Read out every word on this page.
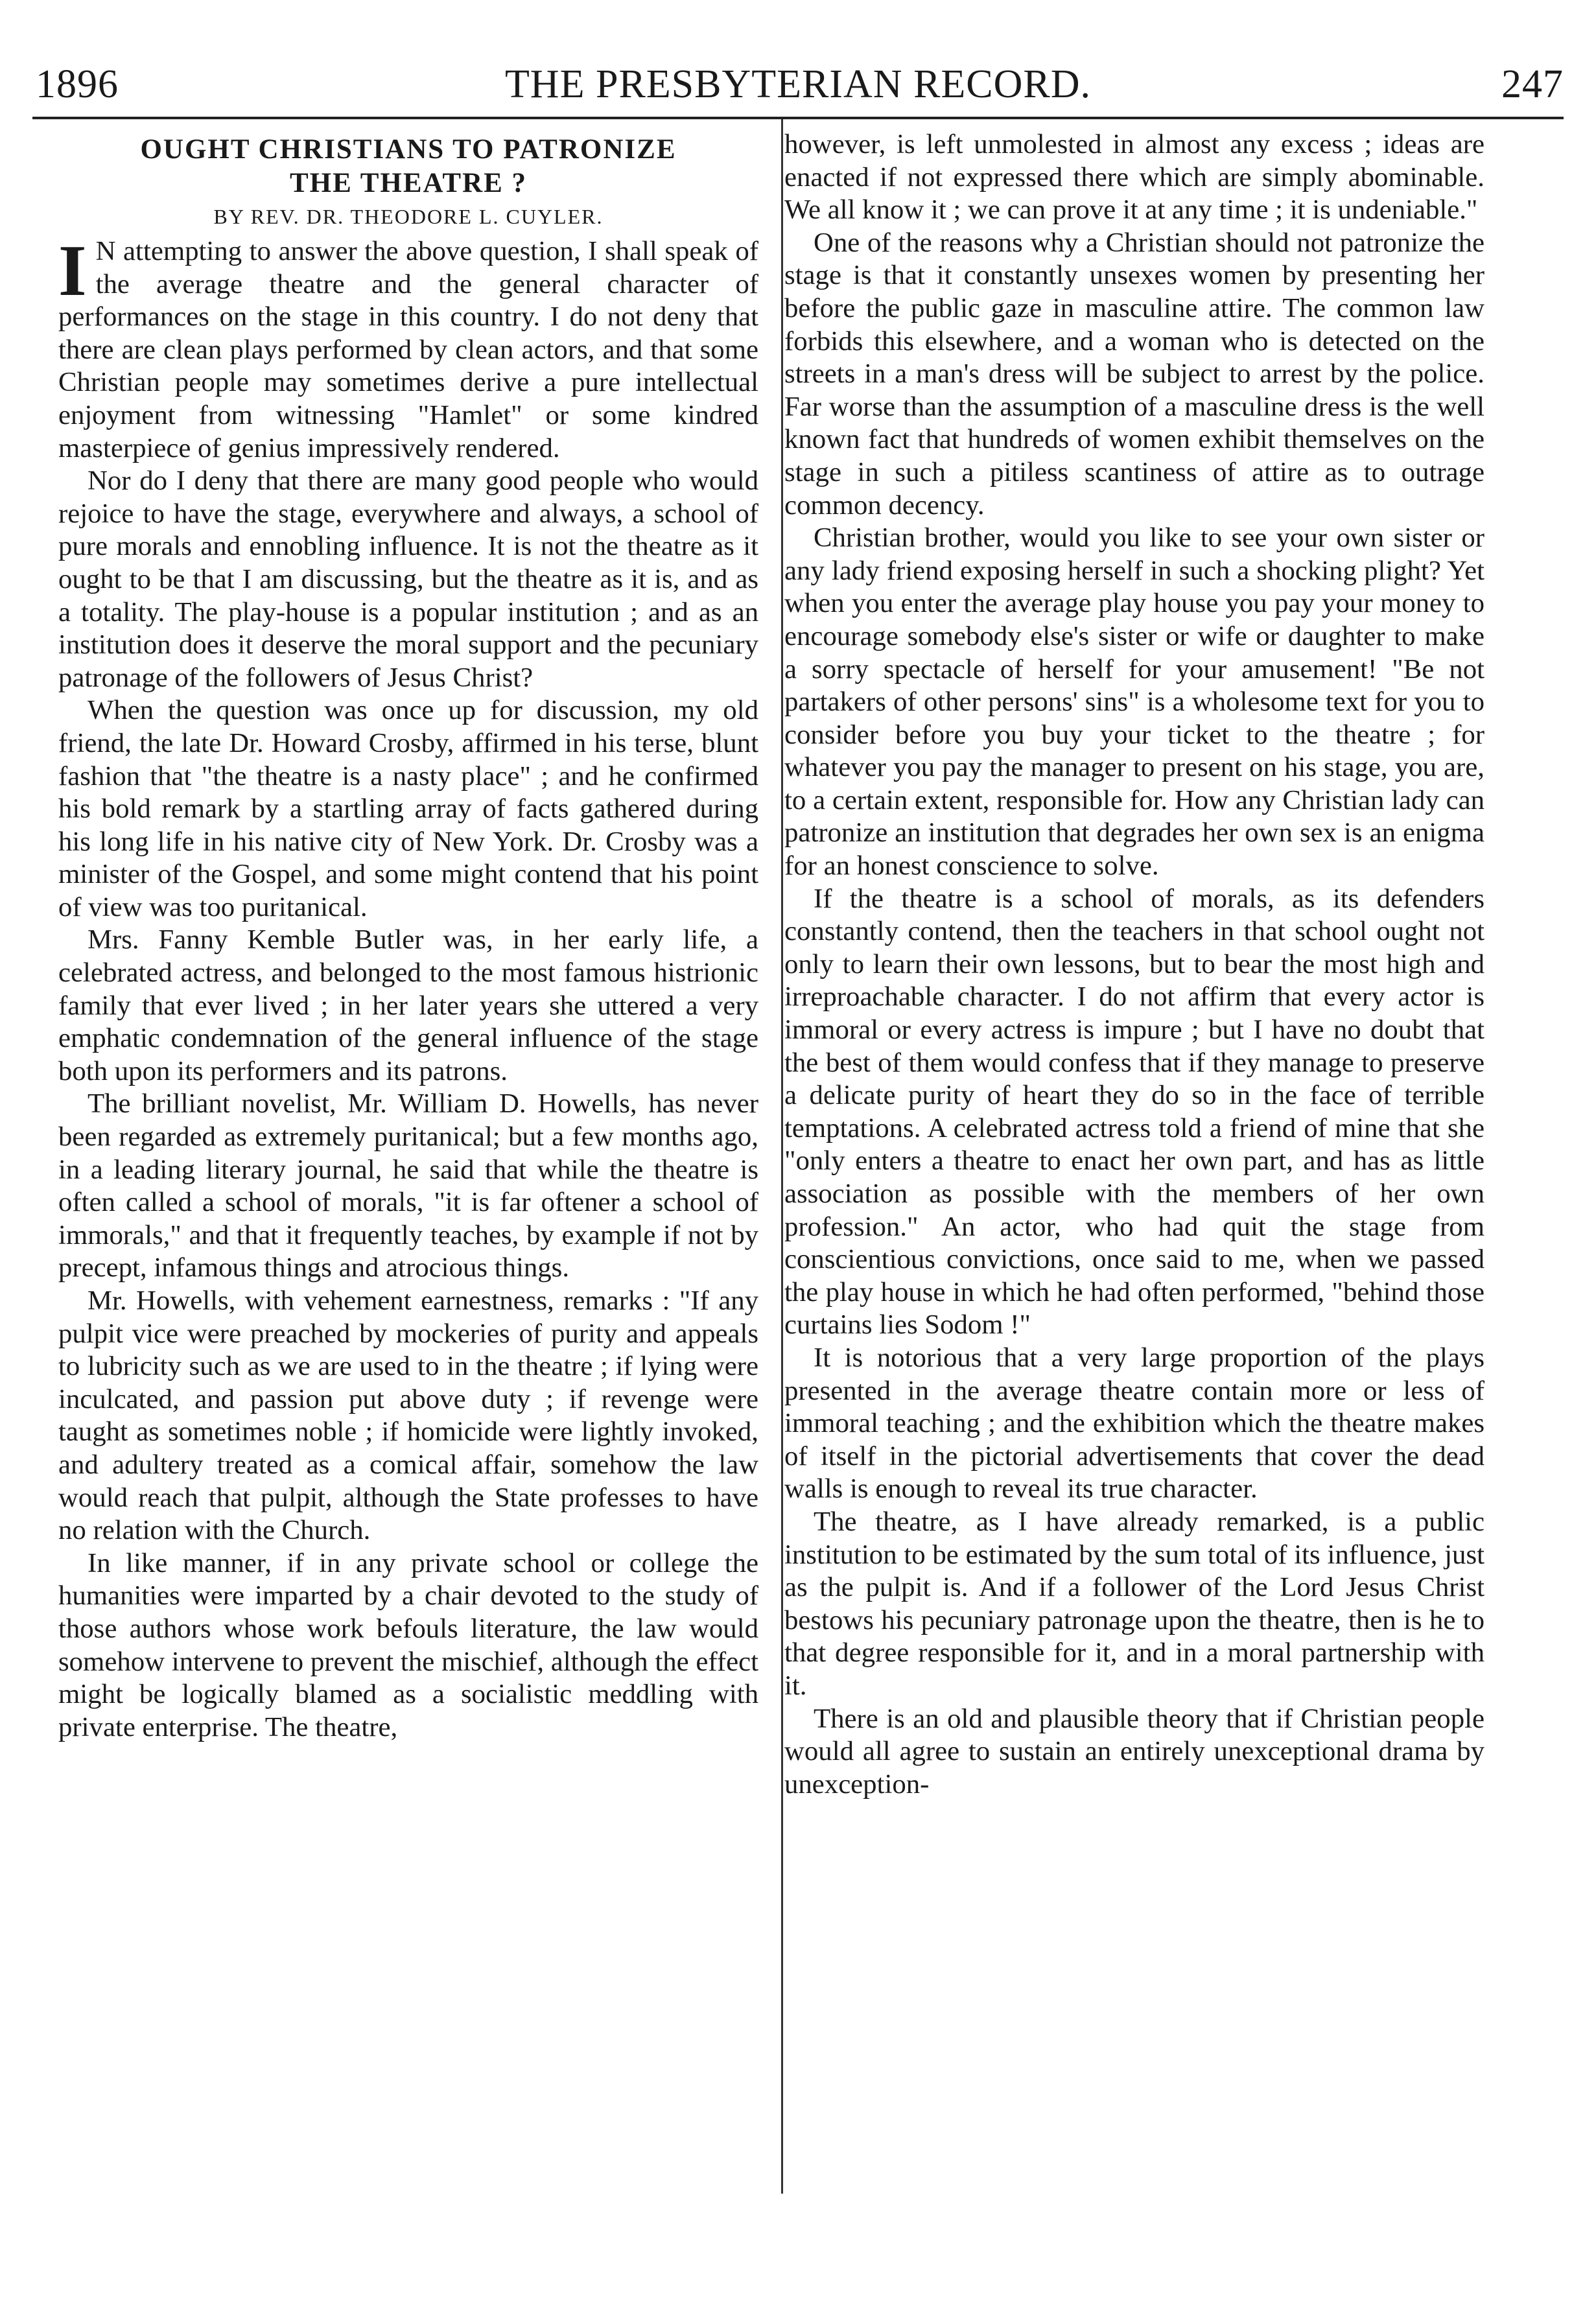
1896	THE PRESBYTERIAN RECORD.	247
OUGHT CHRISTIANS TO PATRONIZE
THE THEATRE ?
BY REV. DR. THEODORE L. CUYLER.

I N attempting to answer the above question, I shall speak of the average theatre and the general character of performances on the stage in this country. I do not deny that there are clean plays performed by clean actors, and that some Christian people may sometimes derive a pure intellectual enjoyment from witnessing "Hamlet" or some kindred masterpiece of genius impressively rendered.

Nor do I deny that there are many good people who would rejoice to have the stage, everywhere and always, a school of pure morals and ennobling influence. It is not the theatre as it ought to be that I am discussing, but the theatre as it is, and as a totality. The play-house is a popular institution ; and as an institution does it deserve the moral support and the pecuniary patronage of the followers of Jesus Christ?

When the question was once up for discussion, my old friend, the late Dr. Howard Crosby, affirmed in his terse, blunt fashion that "the theatre is a nasty place" ; and he confirmed his bold remark by a startling array of facts gathered during his long life in his native city of New York. Dr. Crosby was a minister of the Gospel, and some might contend that his point of view was too puritanical.

Mrs. Fanny Kemble Butler was, in her early life, a celebrated actress, and belonged to the most famous histrionic family that ever lived ; in her later years she uttered a very emphatic condemnation of the general influence of the stage both upon its performers and its patrons.

The brilliant novelist, Mr. William D. Howells, has never been regarded as extremely puritanical; but a few months ago, in a leading literary journal, he said that while the theatre is often called a school of morals, "it is far oftener a school of immorals," and that it frequently teaches, by example if not by precept, infamous things and atrocious things.

Mr. Howells, with vehement earnestness, remarks : "If any pulpit vice were preached by mockeries of purity and appeals to lubricity such as we are used to in the theatre ; if lying were inculcated, and passion put above duty ; if revenge were taught as sometimes noble ; if homicide were lightly invoked, and adultery treated as a comical affair, somehow the law would reach that pulpit, although the State professes to have no relation with the Church.

In like manner, if in any private school or college the humanities were imparted by a chair devoted to the study of those authors whose work befouls literature, the law would somehow intervene to prevent the mischief, although the effect might be logically blamed as a socialistic meddling with private enterprise. The theatre,

however, is left unmolested in almost any excess ; ideas are enacted if not expressed there which are simply abominable. We all know it ; we can prove it at any time ; it is undeniable."

One of the reasons why a Christian should not patronize the stage is that it constantly unsexes women by presenting her before the public gaze in masculine attire. The common law forbids this elsewhere, and a woman who is detected on the streets in a man's dress will be subject to arrest by the police. Far worse than the assumption of a masculine dress is the well known fact that hundreds of women exhibit themselves on the stage in such a pitiless scantiness of attire as to outrage common decency.

Christian brother, would you like to see your own sister or any lady friend exposing herself in such a shocking plight? Yet when you enter the average play house you pay your money to encourage somebody else's sister or wife or daughter to make a sorry spectacle of herself for your amusement! "Be not partakers of other persons' sins" is a wholesome text for you to consider before you buy your ticket to the theatre ; for whatever you pay the manager to present on his stage, you are, to a certain extent, responsible for. How any Christian lady can patronize an institution that degrades her own sex is an enigma for an honest conscience to solve.

If the theatre is a school of morals, as its defenders constantly contend, then the teachers in that school ought not only to learn their own lessons, but to bear the most high and irreproachable character. I do not affirm that every actor is immoral or every actress is impure ; but I have no doubt that the best of them would confess that if they manage to preserve a delicate purity of heart they do so in the face of terrible temptations. A celebrated actress told a friend of mine that she "only enters a theatre to enact her own part, and has as little association as possible with the members of her own profession." An actor, who had quit the stage from conscientious convictions, once said to me, when we passed the play house in which he had often performed, "behind those curtains lies Sodom !"

It is notorious that a very large proportion of the plays presented in the average theatre contain more or less of immoral teaching ; and the exhibition which the theatre makes of itself in the pictorial advertisements that cover the dead walls is enough to reveal its true character.

The theatre, as I have already remarked, is a public institution to be estimated by the sum total of its influence, just as the pulpit is. And if a follower of the Lord Jesus Christ bestows his pecuniary patronage upon the theatre, then is he to that degree responsible for it, and in a moral partnership with it.

There is an old and plausible theory that if Christian people would all agree to sustain an entirely unexceptional drama by unexception-
